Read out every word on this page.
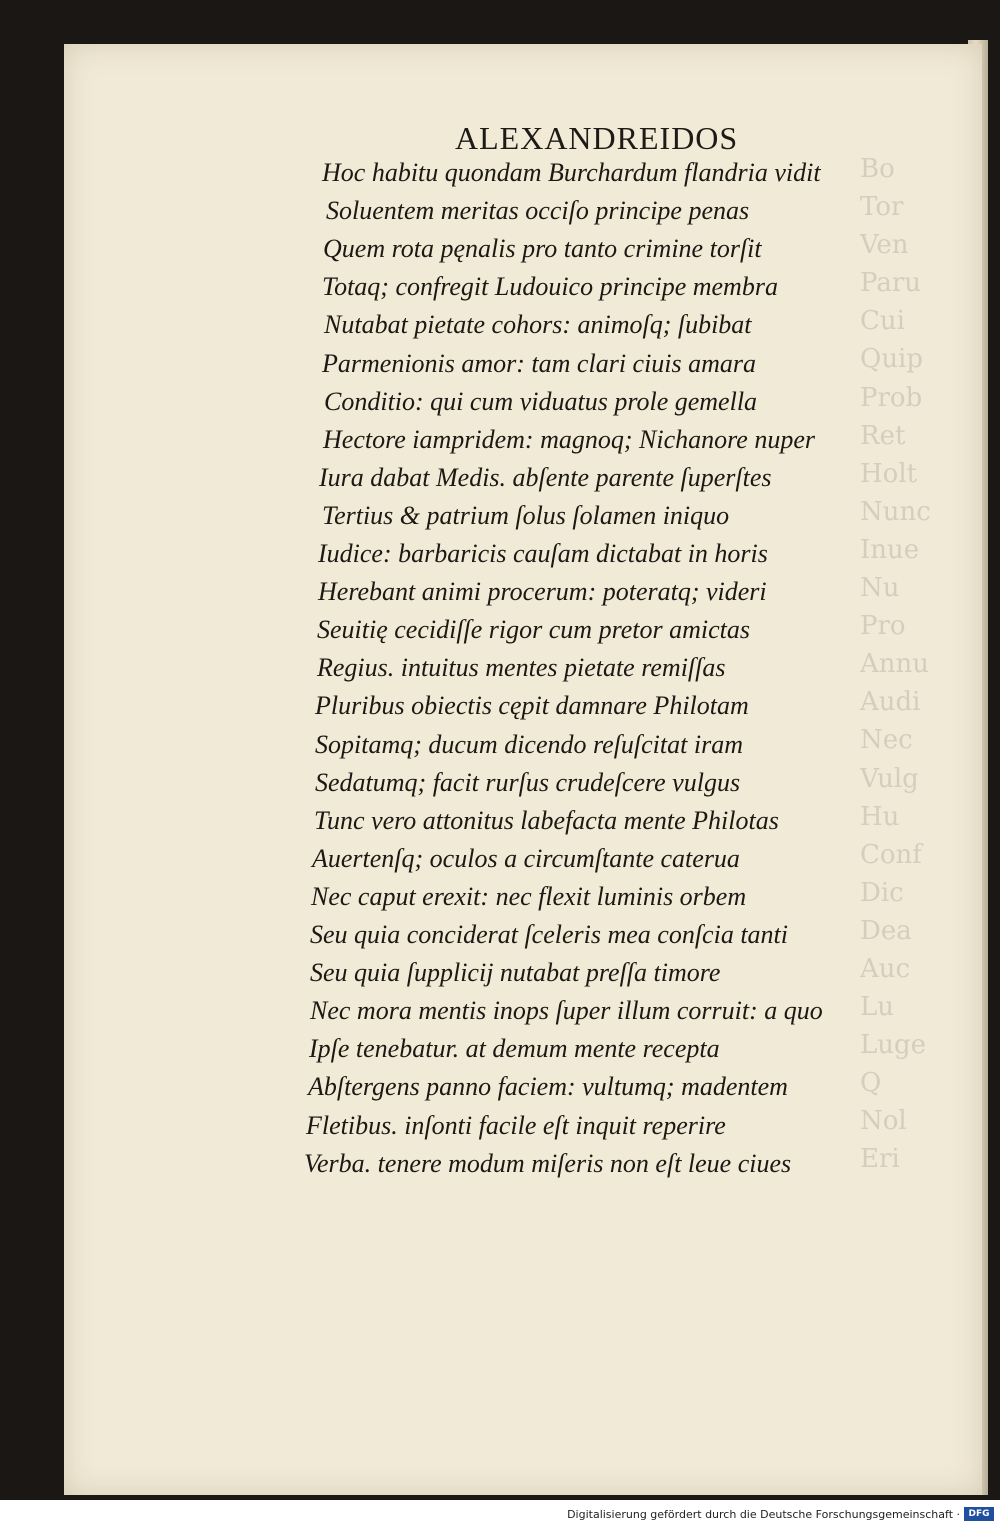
Bo
Tor
Ven
Paru
Cui
Quip
Prob
Ret
Holt
Nunc
Inue
Nu
Pro
Annu
Audi
Nec
Vulg
Hu
Conf
Dic
Dea
Auc
Lu
Luge
Q
Nol
Eri
ALEXANDREIDOS
Hoc habitu quondam Burchardum flandria vidit
Soluentem meritas occiſo principe penas
Quem rota pęnalis pro tanto crimine torſit
Totaq; confregit Ludouico principe membra
Nutabat pietate cohors: animoſq; ſubibat
Parmenionis amor: tam clari ciuis amara
Conditio: qui cum viduatus prole gemella
Hectore iampridem: magnoq; Nichanore nuper
Iura dabat Medis. abſente parente ſuperſtes
Tertius & patrium ſolus ſolamen iniquo
Iudice: barbaricis cauſam dictabat in horis
Herebant animi procerum: poteratq; videri
Seuitię cecidiſſe rigor cum pretor amictas
Regius. intuitus mentes pietate remiſſas
Pluribus obiectis cępit damnare Philotam
Sopitamq; ducum dicendo reſuſcitat iram
Sedatumq; facit rurſus crudeſcere vulgus
Tunc vero attonitus labefacta mente Philotas
Auertenſq; oculos a circumſtante caterua
Nec caput erexit: nec flexit luminis orbem
Seu quia conciderat ſceleris mea conſcia tanti
Seu quia ſupplicij nutabat preſſa timore
Nec mora mentis inops ſuper illum corruit: a quo
Ipſe tenebatur. at demum mente recepta
Abſtergens panno faciem: vultumq; madentem
Fletibus. inſonti facile eſt inquit reperire
Verba. tenere modum miſeris non eſt leue ciues
Digitalisierung gefördert durch die Deutsche Forschungsgemeinschaft · DFG
